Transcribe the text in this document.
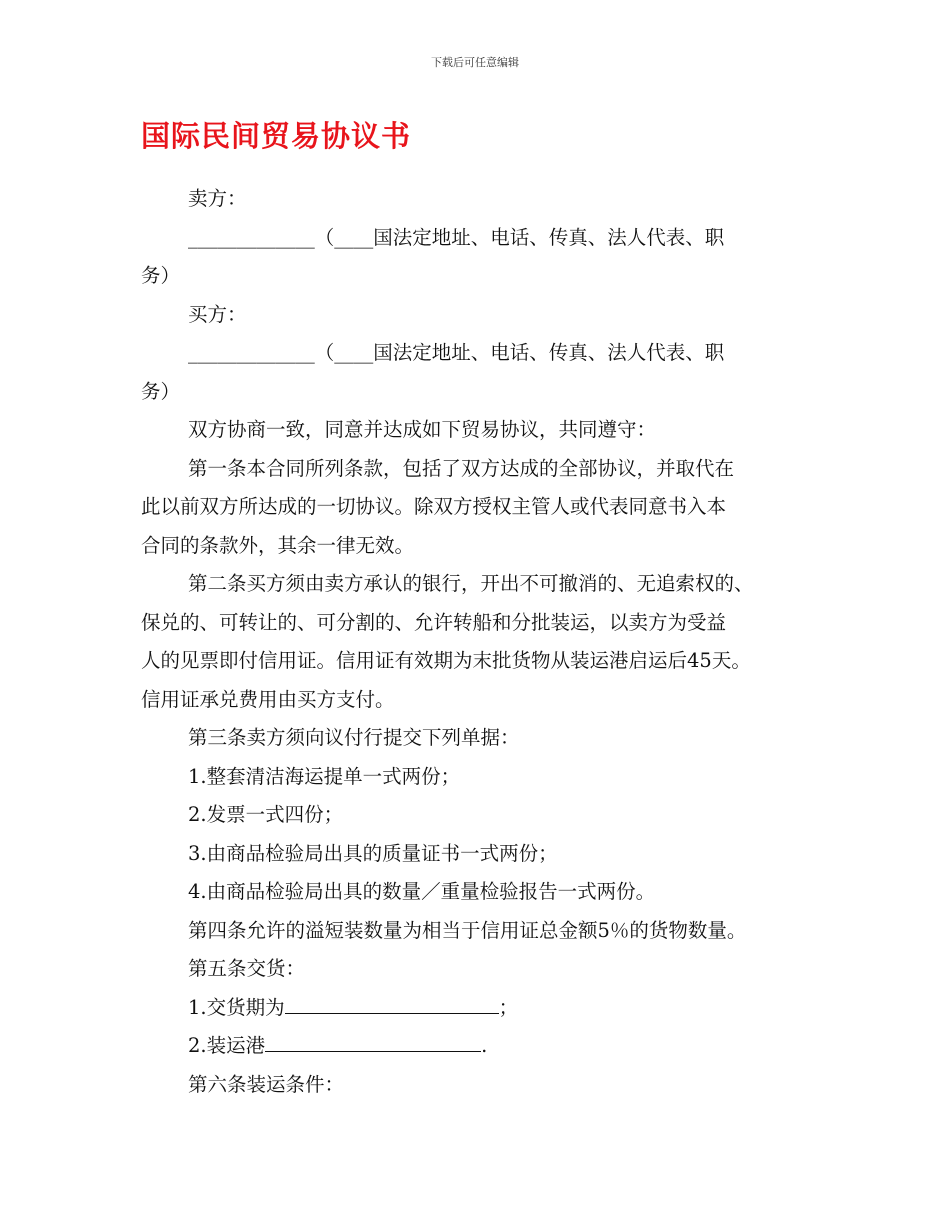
下载后可任意编辑
国际民间贸易协议书

卖方：

_____________（____国法定地址、电话、传真、法人代表、职

务）

买方：

_____________（____国法定地址、电话、传真、法人代表、职

务）

双方协商一致，同意并达成如下贸易协议，共同遵守：

第一条本合同所列条款，包括了双方达成的全部协议，并取代在

此以前双方所达成的一切协议。除双方授权主管人或代表同意书入本

合同的条款外，其余一律无效。

第二条买方须由卖方承认的银行，开出不可撤消的、无追索权的、

保兑的、可转让的、可分割的、允许转船和分批装运，以卖方为受益

人的见票即付信用证。信用证有效期为末批货物从装运港启运后45天。

信用证承兑费用由买方支付。

第三条卖方须向议付行提交下列单据：

1.整套清洁海运提单一式两份；

2.发票一式四份；

3.由商品检验局出具的质量证书一式两份；

4.由商品检验局出具的数量／重量检验报告一式两份。

第四条允许的溢短装数量为相当于信用证总金额5％的货物数量。

第五条交货：

1.交货期为	；

2.装运港	.

第六条装运条件：
